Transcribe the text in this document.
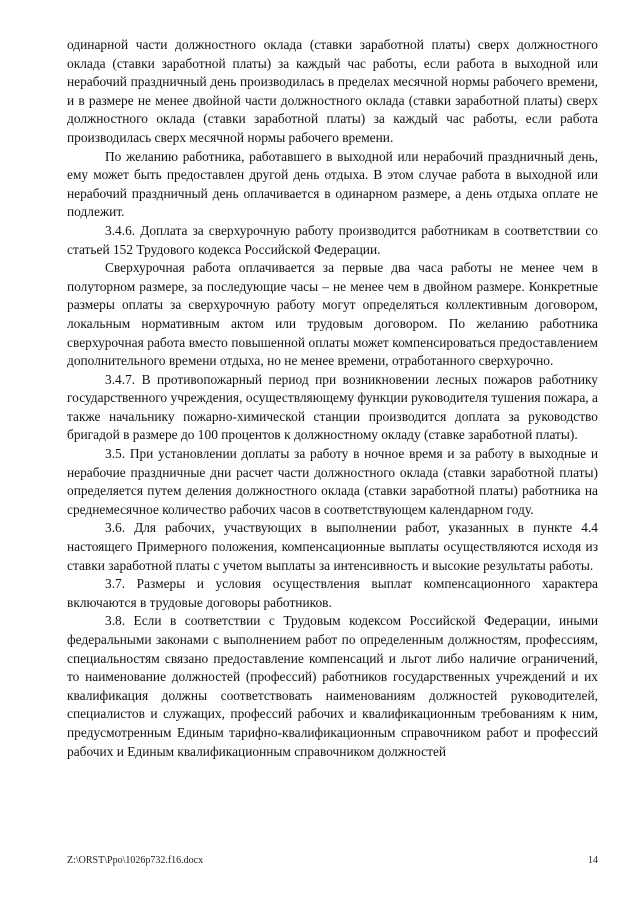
одинарной части должностного оклада (ставки заработной платы) сверх должностного оклада (ставки заработной платы) за каждый час работы, если работа в выходной или нерабочий праздничный день производилась в пределах месячной нормы рабочего времени, и в размере не менее двойной части должностного оклада (ставки заработной платы) сверх должностного оклада (ставки заработной платы) за каждый час работы, если работа производилась сверх месячной нормы рабочего времени.

По желанию работника, работавшего в выходной или нерабочий праздничный день, ему может быть предоставлен другой день отдыха. В этом случае работа в выходной или нерабочий праздничный день оплачивается в одинарном размере, а день отдыха оплате не подлежит.

3.4.6. Доплата за сверхурочную работу производится работникам в соответствии со статьей 152 Трудового кодекса Российской Федерации.

Сверхурочная работа оплачивается за первые два часа работы не менее чем в полуторном размере, за последующие часы – не менее чем в двойном размере. Конкретные размеры оплаты за сверхурочную работу могут определяться коллективным договором, локальным нормативным актом или трудовым договором. По желанию работника сверхурочная работа вместо повышенной оплаты может компенсироваться предоставлением дополнительного времени отдыха, но не менее времени, отработанного сверхурочно.

3.4.7. В противопожарный период при возникновении лесных пожаров работнику государственного учреждения, осуществляющему функции руководителя тушения пожара, а также начальнику пожарно-химической станции производится доплата за руководство бригадой в размере до 100 процентов к должностному окладу (ставке заработной платы).

3.5. При установлении доплаты за работу в ночное время и за работу в выходные и нерабочие праздничные дни расчет части должностного оклада (ставки заработной платы) определяется путем деления должностного оклада (ставки заработной платы) работника на среднемесячное количество рабочих часов в соответствующем календарном году.

3.6. Для рабочих, участвующих в выполнении работ, указанных в пункте 4.4 настоящего Примерного положения, компенсационные выплаты осуществляются исходя из ставки заработной платы с учетом выплаты за интенсивность и высокие результаты работы.

3.7. Размеры и условия осуществления выплат компенсационного характера включаются в трудовые договоры работников.

3.8. Если в соответствии с Трудовым кодексом Российской Федерации, иными федеральными законами с выполнением работ по определенным должностям, профессиям, специальностям связано предоставление компенсаций и льгот либо наличие ограничений, то наименование должностей (профессий) работников государственных учреждений и их квалификация должны соответствовать наименованиям должностей руководителей, специалистов и служащих, профессий рабочих и квалификационным требованиям к ним, предусмотренным Единым тарифно-квалификационным справочником работ и профессий рабочих и Единым квалификационным справочником должностей

Z:\ORST\Ppo\1026p732.f16.docx	14
